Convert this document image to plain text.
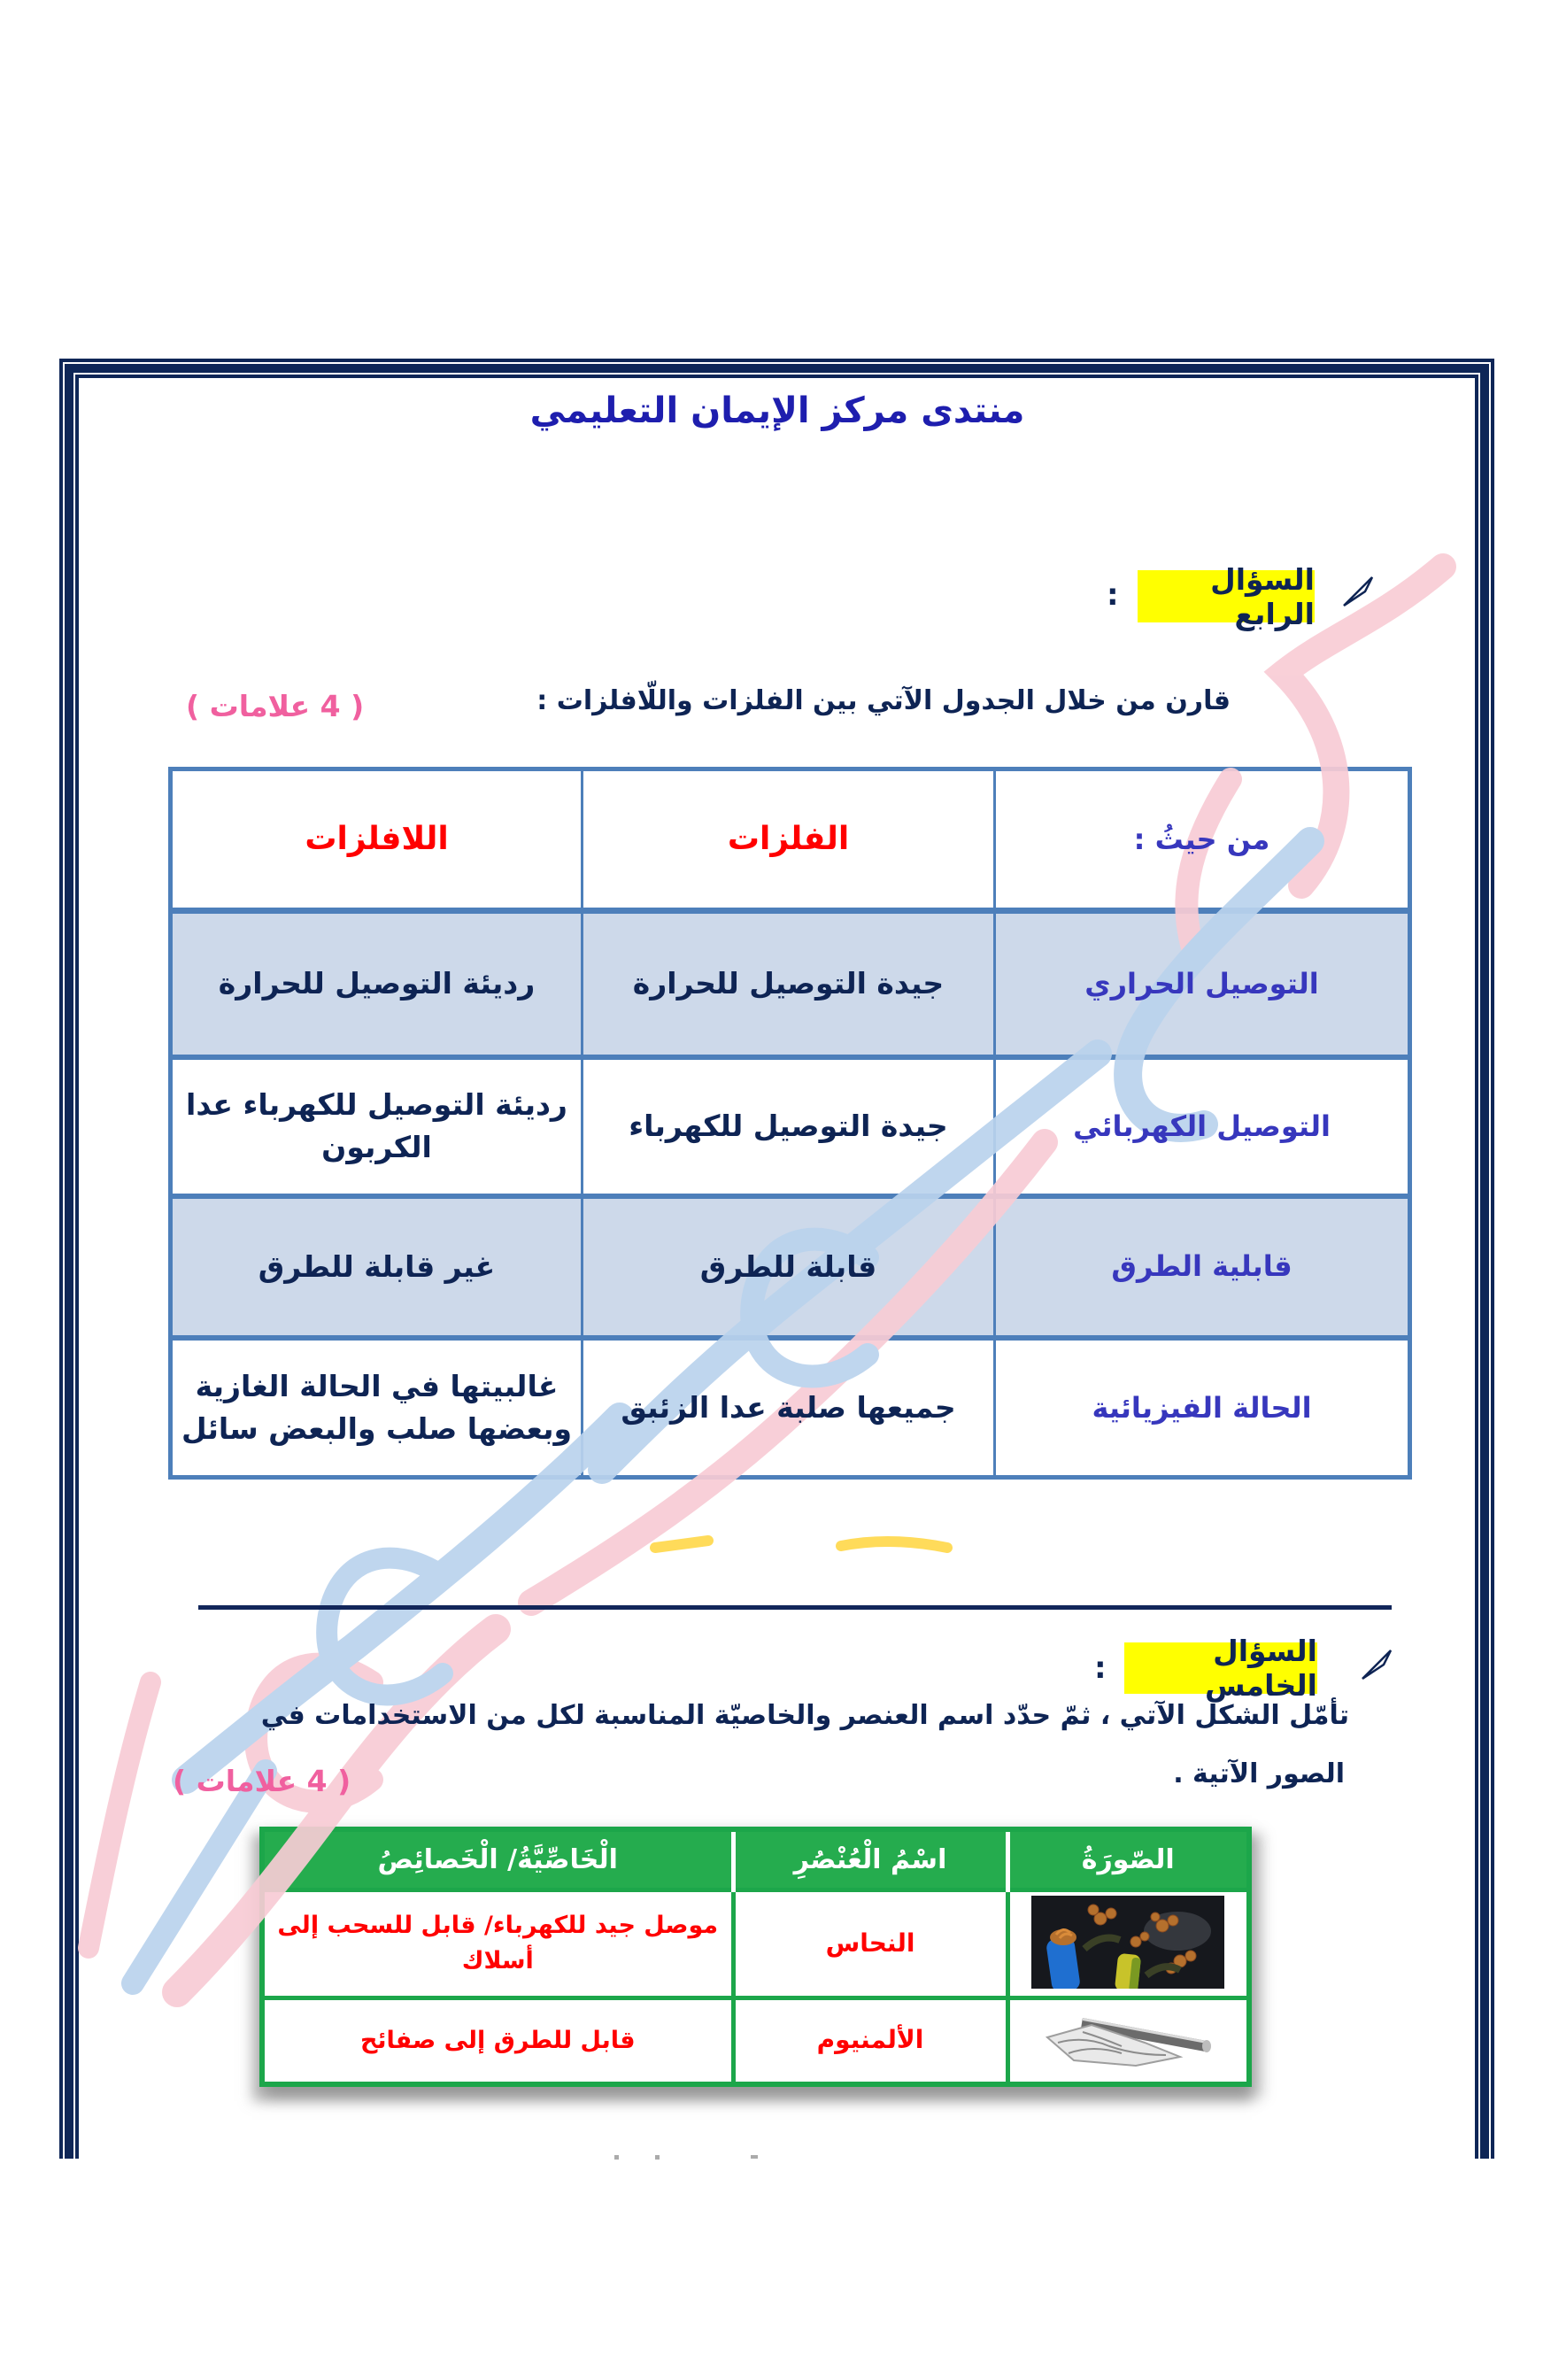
منتدى مركز الإيمان التعليمي
السؤال الرابع
:
قارن من خلال الجدول الآتي بين الفلزات واللّافلزات :
( 4 علامات )
من حيثُ :	الفلزات	اللافلزات
التوصيل الحراري	جيدة التوصيل للحرارة	رديئة التوصيل للحرارة
التوصيل الكهربائي	جيدة التوصيل للكهرباء	رديئة التوصيل للكهرباء عدا الكربون
قابلية الطرق	قابلة للطرق	غير قابلة للطرق
الحالة الفيزيائية	جميعها صلبة عدا الزئبق	غالبيتها في الحالة الغازية وبعضها صلب والبعض سائل
السؤال الخامس
:
تأمّل الشكل الآتي ، ثمّ حدّد اسم العنصر والخاصيّة المناسبة لكل من الاستخدامات في
الصور الآتية .
( 4 علامات )
الصّورَةُ	اسْمُ الْعُنْصُرِ	الْخَاصِّيَّةُ/ الْخَصائِصُ
	النحاس	موصل جيد للكهرباء/ قابل للسحب إلى أسلاك
	الألمنيوم	قابل للطرق إلى صفائح
